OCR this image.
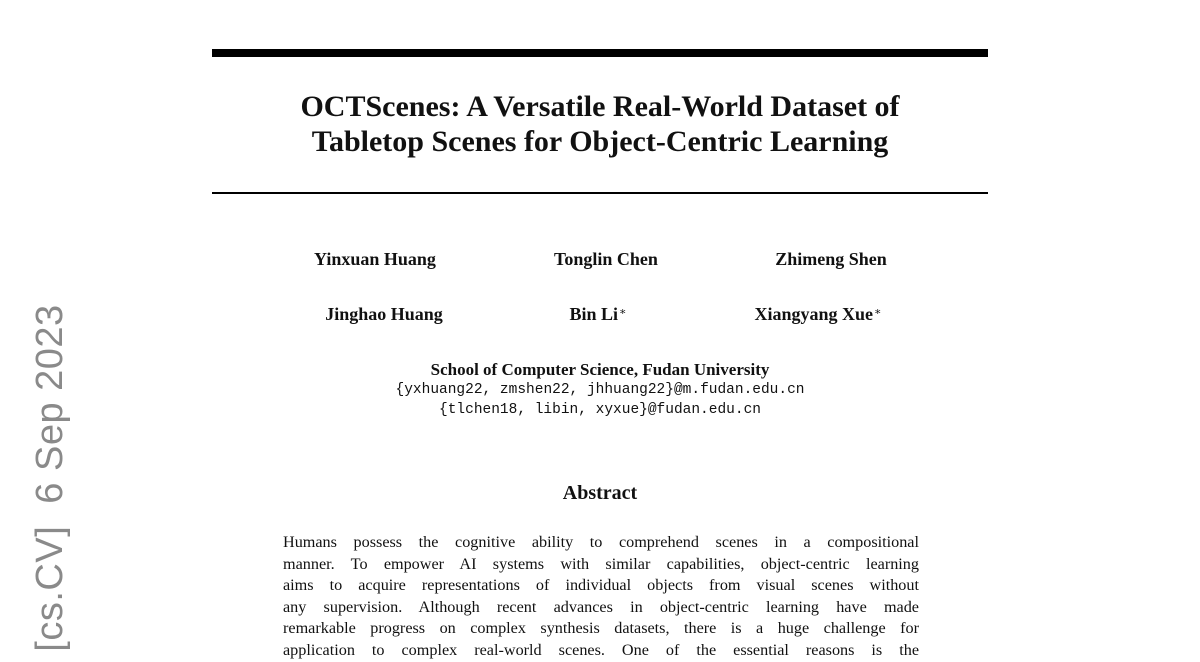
[cs.CV]6 Sep 2023
OCTScenes: A Versatile Real-World Dataset of
Tabletop Scenes for Object-Centric Learning
Yinxuan Huang	Tonglin Chen	Zhimeng Shen
Jinghao Huang	Bin Li∗	Xiangyang Xue∗
School of Computer Science, Fudan University
{yxhuang22, zmshen22, jhhuang22}@m.fudan.edu.cn
{tlchen18, libin, xyxue}@fudan.edu.cn
Abstract
Humans possess the cognitive ability to comprehend scenes in a compositional
manner. To empower AI systems with similar capabilities, object-centric learning
aims to acquire representations of individual objects from visual scenes without
any supervision. Although recent advances in object-centric learning have made
remarkable progress on complex synthesis datasets, there is a huge challenge for
application to complex real-world scenes. One of the essential reasons is the
